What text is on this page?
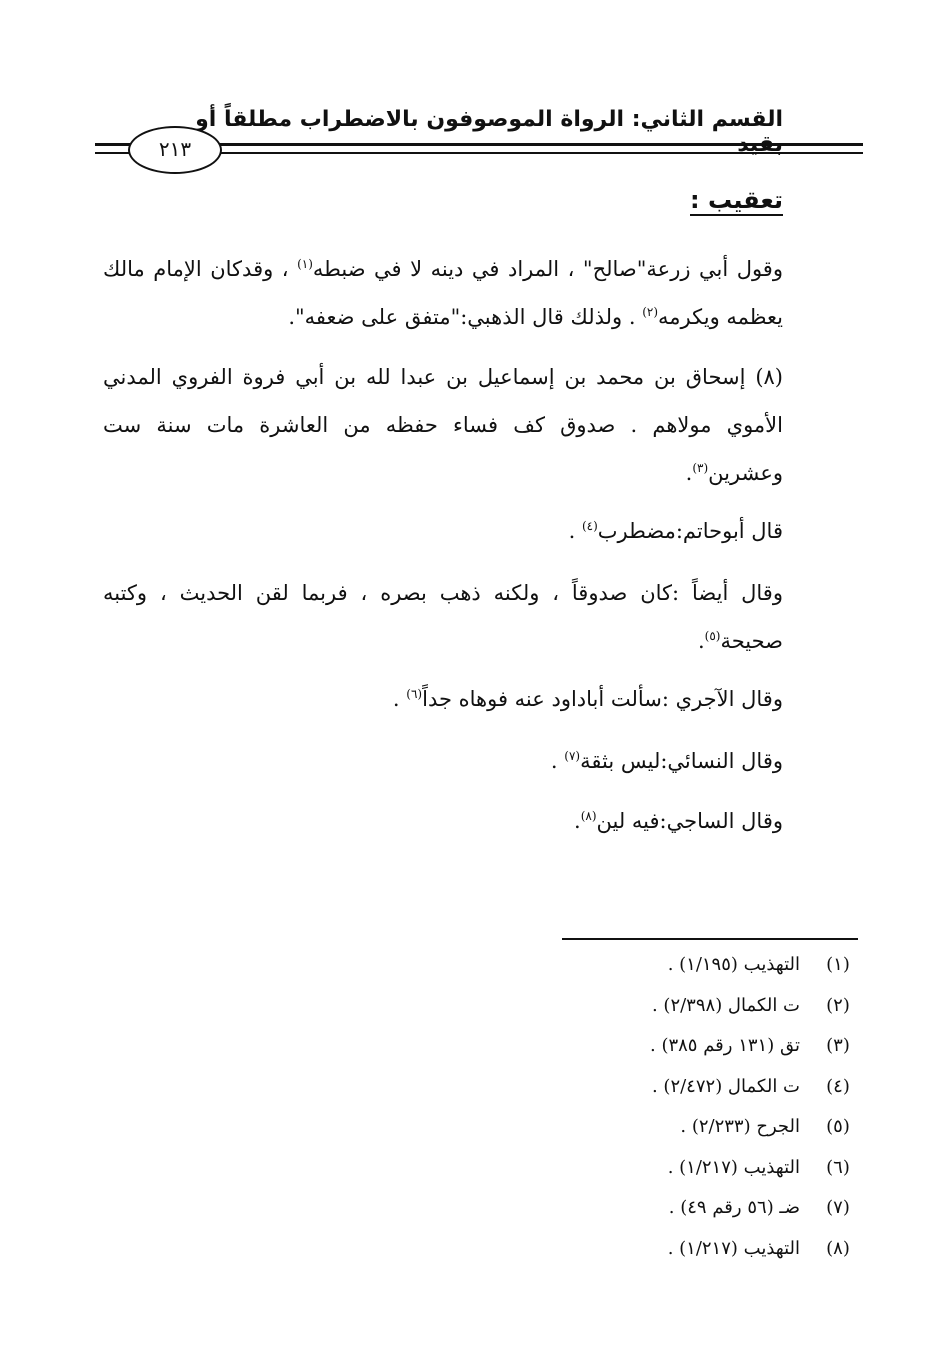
القسم الثاني: الرواة الموصوفون بالاضطراب مطلقاً أو بقيد
٢١٣
تعقيب :
وقول أبي زرعة"صالح" ، المراد في دينه لا في ضبطه$^{(١)}$ ، وقدكان الإمام مالك يعظمه ويكرمه$^{(٢)}$ . ولذلك قال الذهبي:"متفق على ضعفه".
(٨) إسحاق بن محمد بن إسماعيل بن عبدا لله بن أبي فروة الفروي المدني الأموي مولاهم . صدوق كف فساء حفظه من العاشرة مات سنة ست وعشرين$^{(٣)}$.
قال أبوحاتم:مضطرب$^{(٤)}$ .
وقال أيضاً :كان صدوقاً ، ولكنه ذهب بصره ، فربما لقن الحديث ، وكتبه صحيحة$^{(٥)}$.
وقال الآجري :سألت أباداود عنه فوهاه جداً$^{(٦)}$ .
وقال النسائي:ليس بثقة$^{(٧)}$ .
وقال الساجي:فيه لين$^{(٨)}$.
(١)التهذيب (١/١٩٥) .
(٢)ت الكمال (٢/٣٩٨) .
(٣)تق (١٣١ رقم ٣٨٥) .
(٤)ت الكمال (٢/٤٧٢) .
(٥)الجرح (٢/٢٣٣) .
(٦)التهذيب (١/٢١٧) .
(٧)ضـ (٥٦ رقم ٤٩) .
(٨)التهذيب (١/٢١٧) .
